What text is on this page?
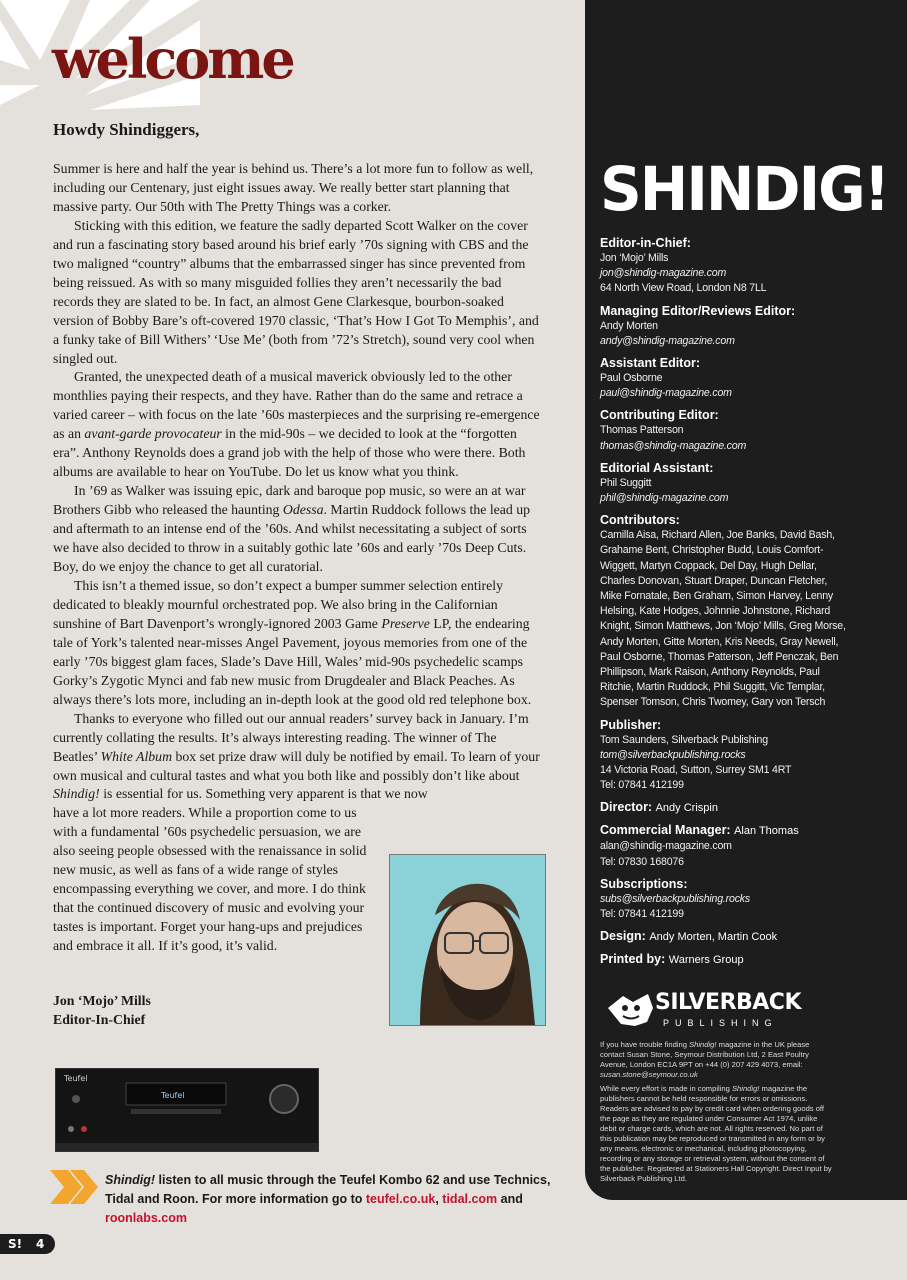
welcome
Howdy Shindiggers,

Summer is here and half the year is behind us. There’s a lot more fun to follow as well, including our Centenary, just eight issues away. We really better start planning that massive party. Our 50th with The Pretty Things was a corker.

Sticking with this edition, we feature the sadly departed Scott Walker on the cover and run a fascinating story based around his brief early ’70s signing with CBS and the two maligned “country” albums that the embarrassed singer has since prevented from being reissued. As with so many misguided follies they aren’t necessarily the bad records they are slated to be. In fact, an almost Gene Clarkesque, bourbon-soaked version of Bobby Bare’s oft-covered 1970 classic, ‘That’s How I Got To Memphis’, and a funky take of Bill Withers’ ‘Use Me’ (both from ’72’s Stretch), sound very cool when singled out.

Granted, the unexpected death of a musical maverick obviously led to the other monthlies paying their respects, and they have. Rather than do the same and retrace a varied career – with focus on the late ’60s masterpieces and the surprising re-emergence as an avant-garde provocateur in the mid-90s – we decided to look at the “forgotten era”. Anthony Reynolds does a grand job with the help of those who were there. Both albums are available to hear on YouTube. Do let us know what you think.

In ’69 as Walker was issuing epic, dark and baroque pop music, so were an at war Brothers Gibb who released the haunting Odessa. Martin Ruddock follows the lead up and aftermath to an intense end of the ’60s. And whilst necessitating a subject of sorts we have also decided to throw in a suitably gothic late ’60s and early ’70s Deep Cuts. Boy, do we enjoy the chance to get all curatorial.

This isn’t a themed issue, so don’t expect a bumper summer selection entirely dedicated to bleakly mournful orchestrated pop. We also bring in the Californian sunshine of Bart Davenport’s wrongly-ignored 2003 Game Preserve LP, the endearing tale of York’s talented near-misses Angel Pavement, joyous memories from one of the early ’70s biggest glam faces, Slade’s Dave Hill, Wales’ mid-90s psychedelic scamps Gorky’s Zygotic Mynci and fab new music from Drugdealer and Black Peaches. As always there’s lots more, including an in-depth look at the good old red telephone box.

Thanks to everyone who filled out our annual readers’ survey back in January. I’m currently collating the results. It’s always interesting reading. The winner of The Beatles’ White Album box set prize draw will duly be notified by email. To learn of your own musical and cultural tastes and what you both like and possibly don’t like about Shindig! is essential for us. Something very apparent is that we now

have a lot more readers. While a proportion come to us with a fundamental ’60s psychedelic persuasion, we are also seeing people obsessed with the renaissance in solid new music, as well as fans of a wide range of styles encompassing everything we cover, and more. I do think that the continued discovery of music and evolving your tastes is important. Forget your hang-ups and prejudices and embrace it all. If it’s good, it’s valid.

Jon ‘Mojo’ Mills
Editor-In-Chief
SHINDIG!
Editor-in-Chief:
Jon ‘Mojo’ Mills
jon@shindig-magazine.com
64 North View Road, London N8 7LL
Managing Editor/Reviews Editor:
Andy Morten
andy@shindig-magazine.com
Assistant Editor:
Paul Osborne
paul@shindig-magazine.com
Contributing Editor:
Thomas Patterson
thomas@shindig-magazine.com
Editorial Assistant:
Phil Suggitt
phil@shindig-magazine.com
Contributors:
Camilla Aisa, Richard Allen, Joe Banks, David Bash,
Grahame Bent, Christopher Budd, Louis Comfort-
Wiggett, Martyn Coppack, Del Day, Hugh Dellar,
Charles Donovan, Stuart Draper, Duncan Fletcher,
Mike Fornatale, Ben Graham, Simon Harvey, Lenny
Helsing, Kate Hodges, Johnnie Johnstone, Richard
Knight, Simon Matthews, Jon ‘Mojo’ Mills, Greg Morse,
Andy Morten, Gitte Morten, Kris Needs, Gray Newell,
Paul Osborne, Thomas Patterson, Jeff Penczak, Ben
Phillipson, Mark Raison, Anthony Reynolds, Paul
Ritchie, Martin Ruddock, Phil Suggitt, Vic Templar,
Spenser Tomson, Chris Twomey, Gary von Tersch
Publisher:
Tom Saunders, Silverback Publishing
tom@silverbackpublishing.rocks
14 Victoria Road, Sutton, Surrey SM1 4RT
Tel: 07841 412199
Director: Andy Crispin
Commercial Manager: Alan Thomas
alan@shindig-magazine.com
Tel: 07830 168076
Subscriptions:
subs@silverbackpublishing.rocks
Tel: 07841 412199
Design: Andy Morten, Martin Cook
Printed by: Warners Group
SILVERBACK
PUBLISHING

If you have trouble finding Shindig! magazine in the UK please contact Susan Stone, Seymour Distribution Ltd, 2 East Poultry Avenue, London EC1A 9PT on +44 (0) 207 429 4073, email: susan.stone@seymour.co.uk

While every effort is made in compiling Shindig! magazine the publishers cannot be held responsible for errors or omissions. Readers are advised to pay by credit card when ordering goods off the page as they are regulated under Consumer Act 1974, unlike debit or charge cards, which are not. All rights reserved. No part of this publication may be reproduced or transmitted in any form or by any means, electronic or mechanical, including photocopying, recording or any storage or retrieval system, without the consent of the publisher. Registered at Stationers Hall Copyright. Direct Input by Silverback Publishing Ltd.

Teufel
Teufel
Shindig! listen to all music through the Teufel Kombo 62 and use Technics, Tidal and Roon. For more information go to teufel.co.uk, tidal.com and roonlabs.com
S! 4
